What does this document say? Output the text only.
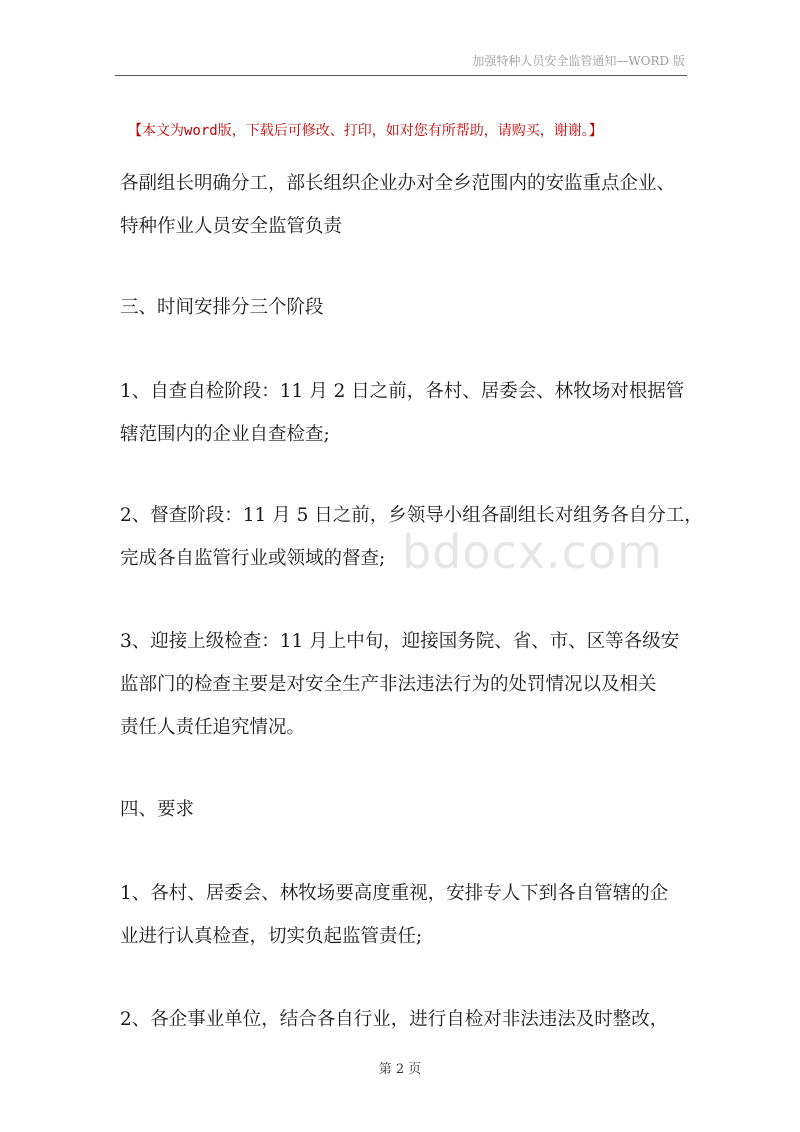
加强特种人员安全监管通知—WORD 版
【本文为word版，下载后可修改、打印，如对您有所帮助，请购买，谢谢。】
bdocx.com
各副组长明确分工，部长组织企业办对全乡范围内的安监重点企业、
特种作业人员安全监管负责
三、时间安排分三个阶段
1、自查自检阶段：11 月 2 日之前，各村、居委会、林牧场对根据管
辖范围内的企业自查检查;
2、督查阶段：11 月 5 日之前，乡领导小组各副组长对组务各自分工，
完成各自监管行业或领域的督查;
3、迎接上级检查：11 月上中旬，迎接国务院、省、市、区等各级安
监部门的检查主要是对安全生产非法违法行为的处罚情况以及相关
责任人责任追究情况。
四、要求
1、各村、居委会、林牧场要高度重视，安排专人下到各自管辖的企
业进行认真检查，切实负起监管责任;
2、各企事业单位，结合各自行业，进行自检对非法违法及时整改，
第 2 页
